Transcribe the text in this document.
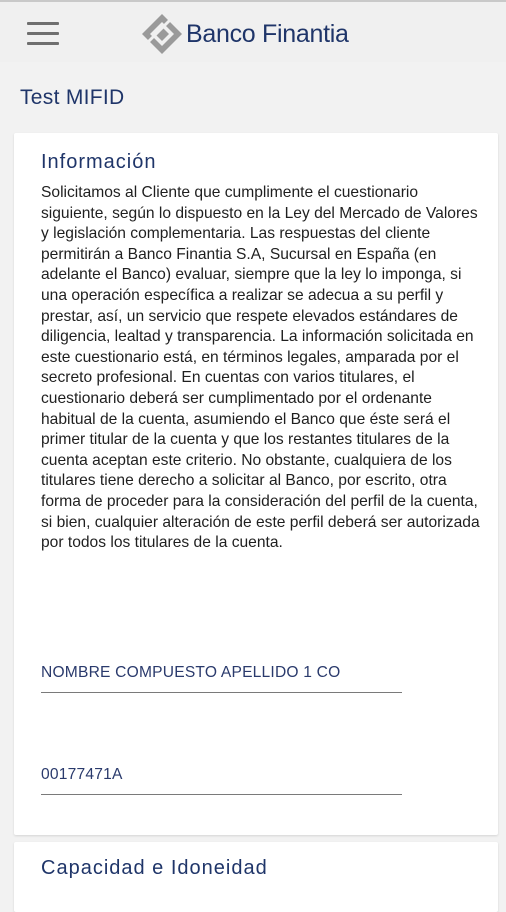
Banco Finantia
Test MIFID
Información
Solicitamos al Cliente que cumplimente el cuestionario siguiente, según lo dispuesto en la Ley del Mercado de Valores y legislación complementaria. Las respuestas del cliente permitirán a Banco Finantia S.A, Sucursal en España (en adelante el Banco) evaluar, siempre que la ley lo imponga, si una operación específica a realizar se adecua a su perfil y prestar, así, un servicio que respete elevados estándares de diligencia, lealtad y transparencia. La información solicitada en este cuestionario está, en términos legales, amparada por el secreto profesional. En cuentas con varios titulares, el cuestionario deberá ser cumplimentado por el ordenante habitual de la cuenta, asumiendo el Banco que éste será el primer titular de la cuenta y que los restantes titulares de la cuenta aceptan este criterio. No obstante, cualquiera de los titulares tiene derecho a solicitar al Banco, por escrito, otra forma de proceder para la consideración del perfil de la cuenta, si bien, cualquier alteración de este perfil deberá ser autorizada por todos los titulares de la cuenta.
NOMBRE COMPUESTO APELLIDO 1 CO
00177471A
Capacidad e Idoneidad
